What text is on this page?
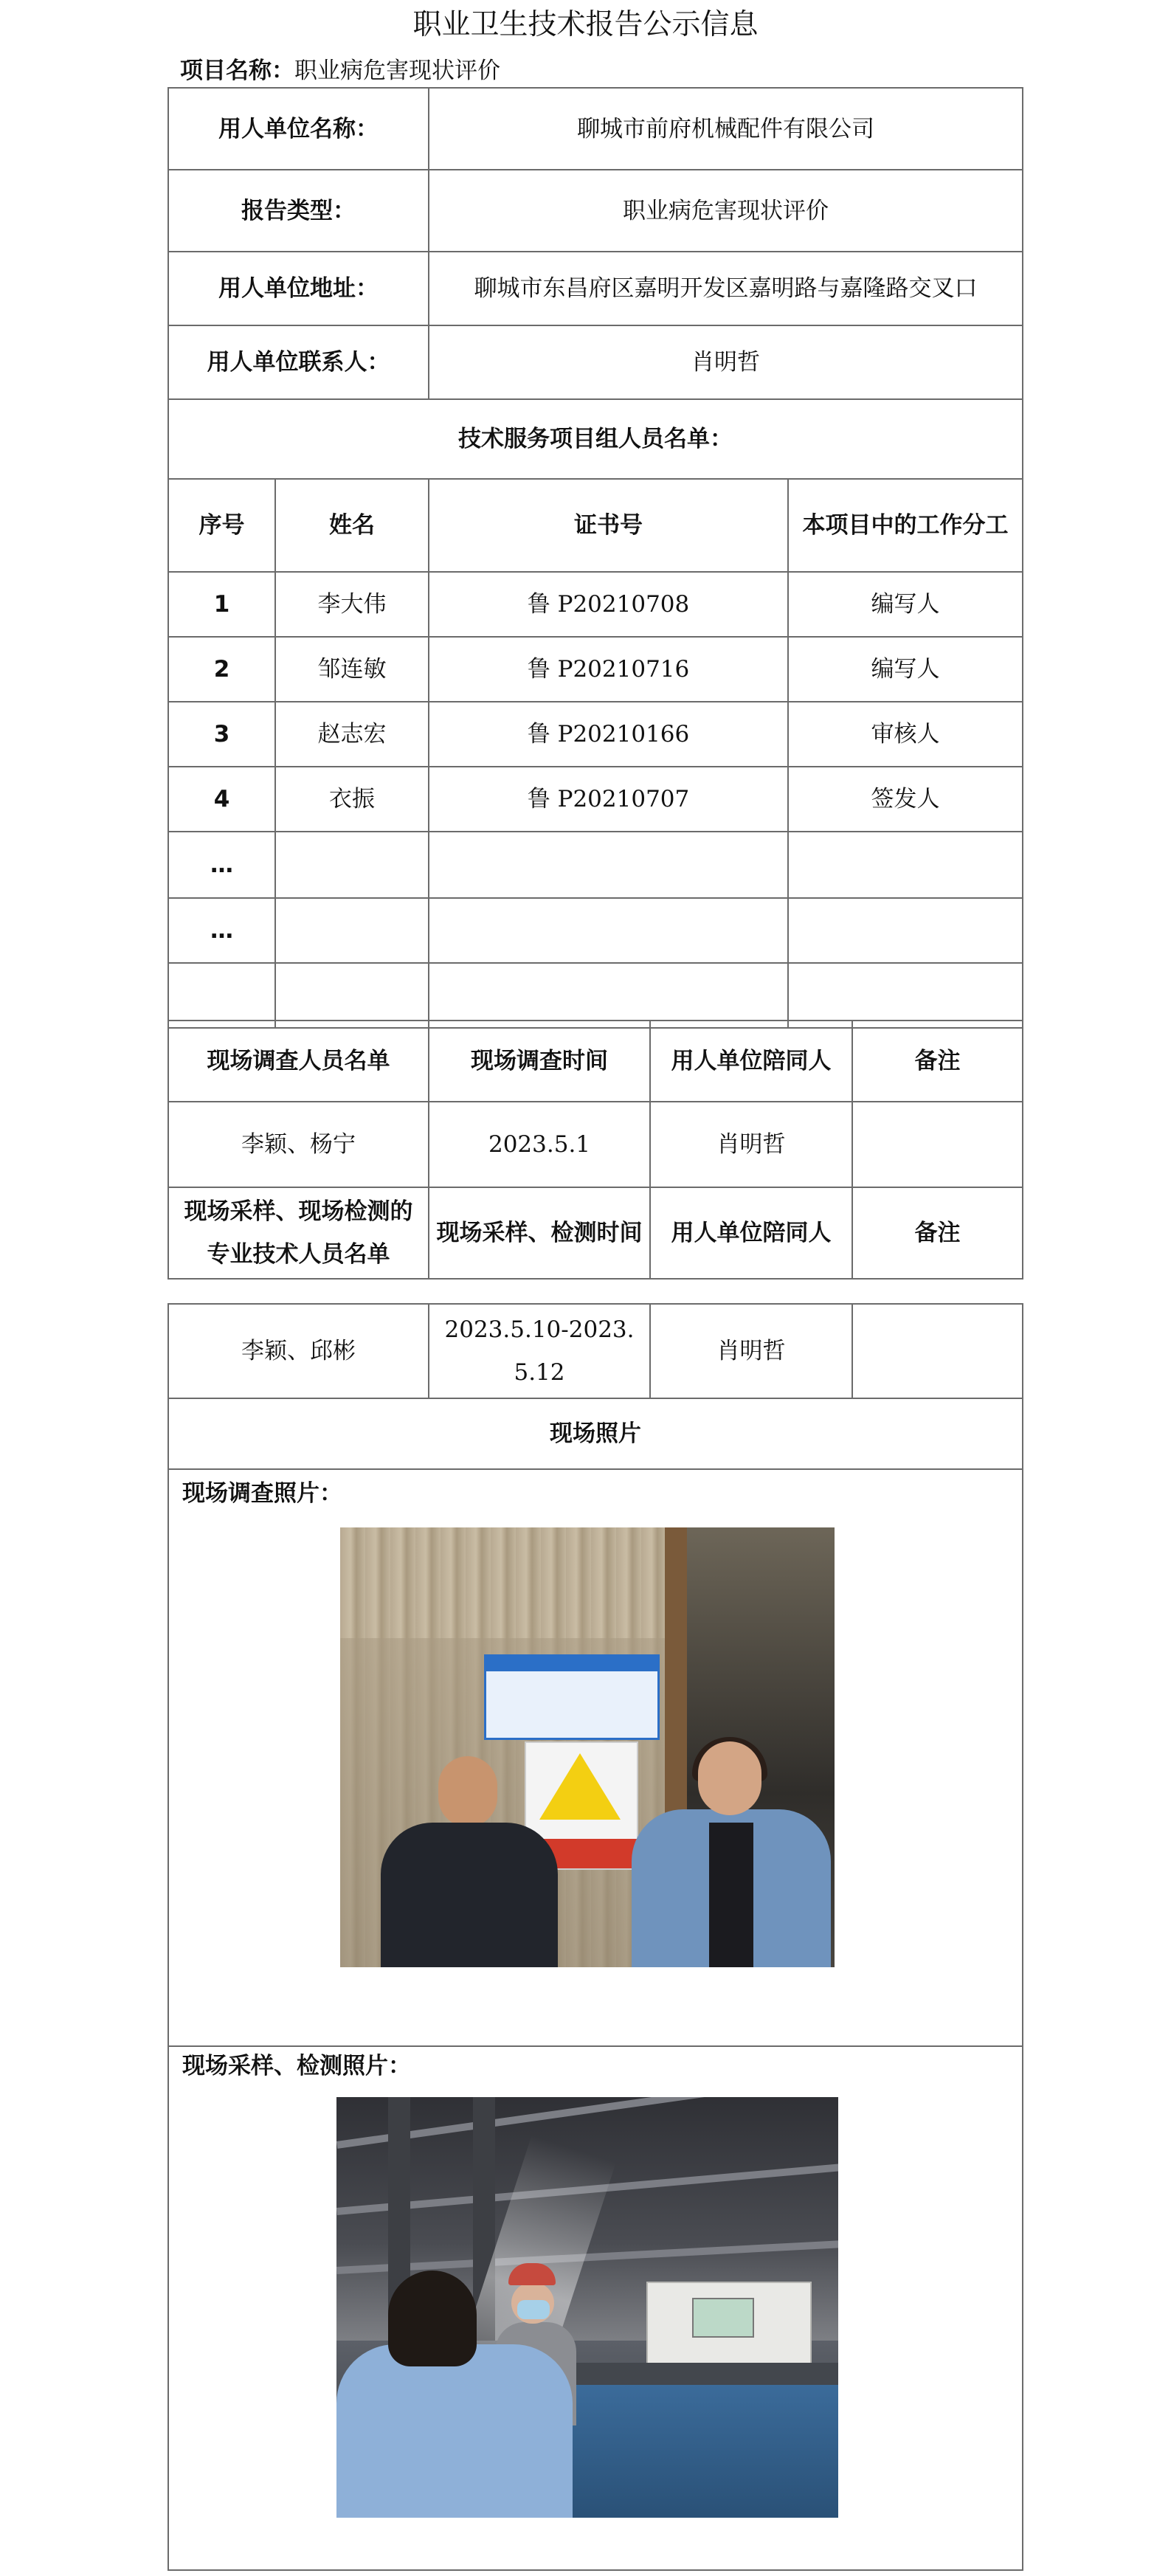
职业卫生技术报告公示信息
项目名称：职业病危害现状评价
用人单位名称：		聊城市前府机械配件有限公司	
报告类型：		职业病危害现状评价	
用人单位地址：		聊城市东昌府区嘉明开发区嘉明路与嘉隆路交叉口	
用人单位联系人：		肖明哲	
技术服务项目组人员名单：			
序号	姓名	证书号	本项目中的工作分工
1	李大伟	鲁 P20210708	编写人
2	邹连敏	鲁 P20210716	编写人
3	赵志宏	鲁 P20210166	审核人
4	衣振	鲁 P20210707	签发人
…			
…			

现场调查人员名单	现场调查时间	用人单位陪同人	备注
李颖、杨宁	2023.5.1	肖明哲	
现场采样、现场检测的专业技术人员名单	现场采样、检测时间	用人单位陪同人	备注
李颖、邱彬	2023.5.10-2023.5.12	肖明哲	
现场照片

现场调查照片：

现场采样、检测照片：
